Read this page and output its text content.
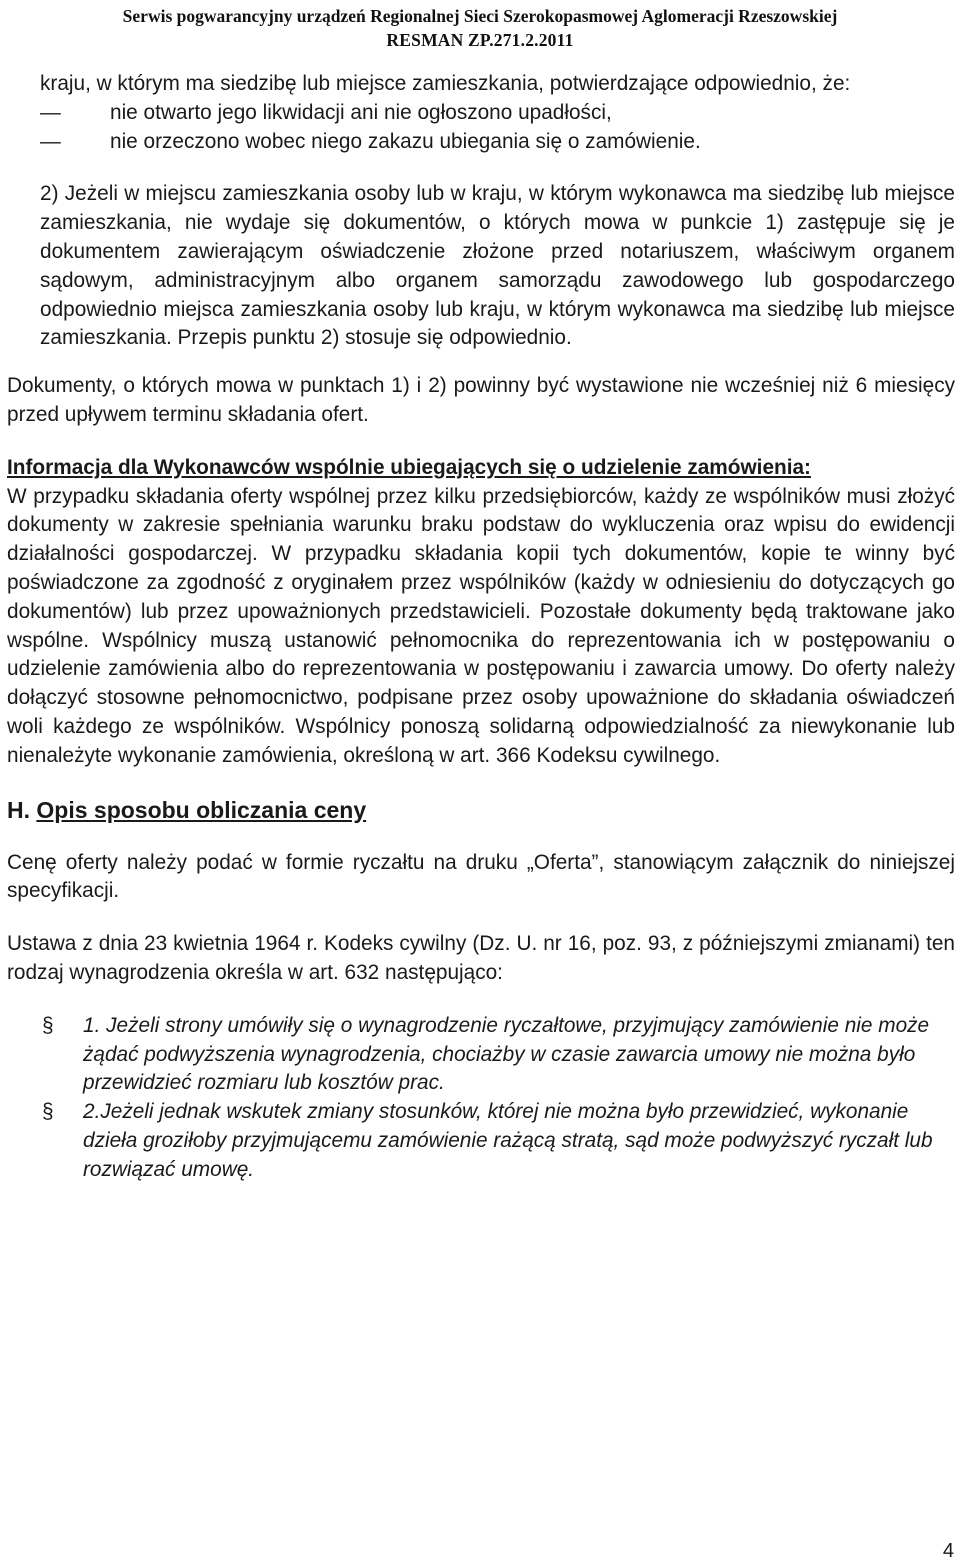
Serwis pogwarancyjny urządzeń Regionalnej Sieci Szerokopasmowej Aglomeracji Rzeszowskiej
RESMAN ZP.271.2.2011

kraju, w którym ma siedzibę lub miejsce zamieszkania, potwierdzające odpowiednio, że:

— nie otwarto jego likwidacji ani nie ogłoszono upadłości,
— nie orzeczono wobec niego zakazu ubiegania się o zamówienie.

2) Jeżeli w miejscu zamieszkania osoby lub w kraju, w którym wykonawca ma siedzibę lub miejsce zamieszkania, nie wydaje się dokumentów, o których mowa w punkcie 1) zastępuje się je dokumentem zawierającym oświadczenie złożone przed notariuszem, właściwym organem sądowym, administracyjnym albo organem samorządu zawodowego lub gospodarczego odpowiednio miejsca zamieszkania osoby lub kraju, w którym wykonawca ma siedzibę lub miejsce zamieszkania. Przepis punktu 2) stosuje się odpowiednio.

Dokumenty, o których mowa w punktach 1) i 2) powinny być wystawione nie wcześniej niż 6 miesięcy przed upływem terminu składania ofert.

Informacja dla Wykonawców wspólnie ubiegających się o udzielenie zamówienia:

W przypadku składania oferty wspólnej przez kilku przedsiębiorców, każdy ze wspólników musi złożyć dokumenty w zakresie spełniania warunku braku podstaw do wykluczenia oraz wpisu do ewidencji działalności gospodarczej. W przypadku składania kopii tych dokumentów, kopie te winny być poświadczone za zgodność z oryginałem przez wspólników (każdy w odniesieniu do dotyczących go dokumentów) lub przez upoważnionych przedstawicieli. Pozostałe dokumenty będą traktowane jako wspólne. Wspólnicy muszą ustanowić pełnomocnika do reprezentowania ich w postępowaniu o udzielenie zamówienia albo do reprezentowania w postępowaniu i zawarcia umowy. Do oferty należy dołączyć stosowne pełnomocnictwo, podpisane przez osoby upoważnione do składania oświadczeń woli każdego ze wspólników. Wspólnicy ponoszą solidarną odpowiedzialność za niewykonanie lub nienależyte wykonanie zamówienia, określoną w art. 366 Kodeksu cywilnego.

H. Opis sposobu obliczania ceny

Cenę oferty należy podać w formie ryczałtu na druku „Oferta”, stanowiącym załącznik do niniejszej specyfikacji.

Ustawa z dnia 23 kwietnia 1964 r. Kodeks cywilny (Dz. U. nr 16, poz. 93, z późniejszymi zmianami) ten rodzaj wynagrodzenia określa w art. 632 następująco:

§ 1. Jeżeli strony umówiły się o wynagrodzenie ryczałtowe, przyjmujący zamówienie nie może żądać podwyższenia wynagrodzenia, chociażby w czasie zawarcia umowy nie można było przewidzieć rozmiaru lub kosztów prac.
§ 2.Jeżeli jednak wskutek zmiany stosunków, której nie można było przewidzieć, wykonanie dzieła groziłoby przyjmującemu zamówienie rażącą stratą, sąd może podwyższyć ryczałt lub rozwiązać umowę.
4
